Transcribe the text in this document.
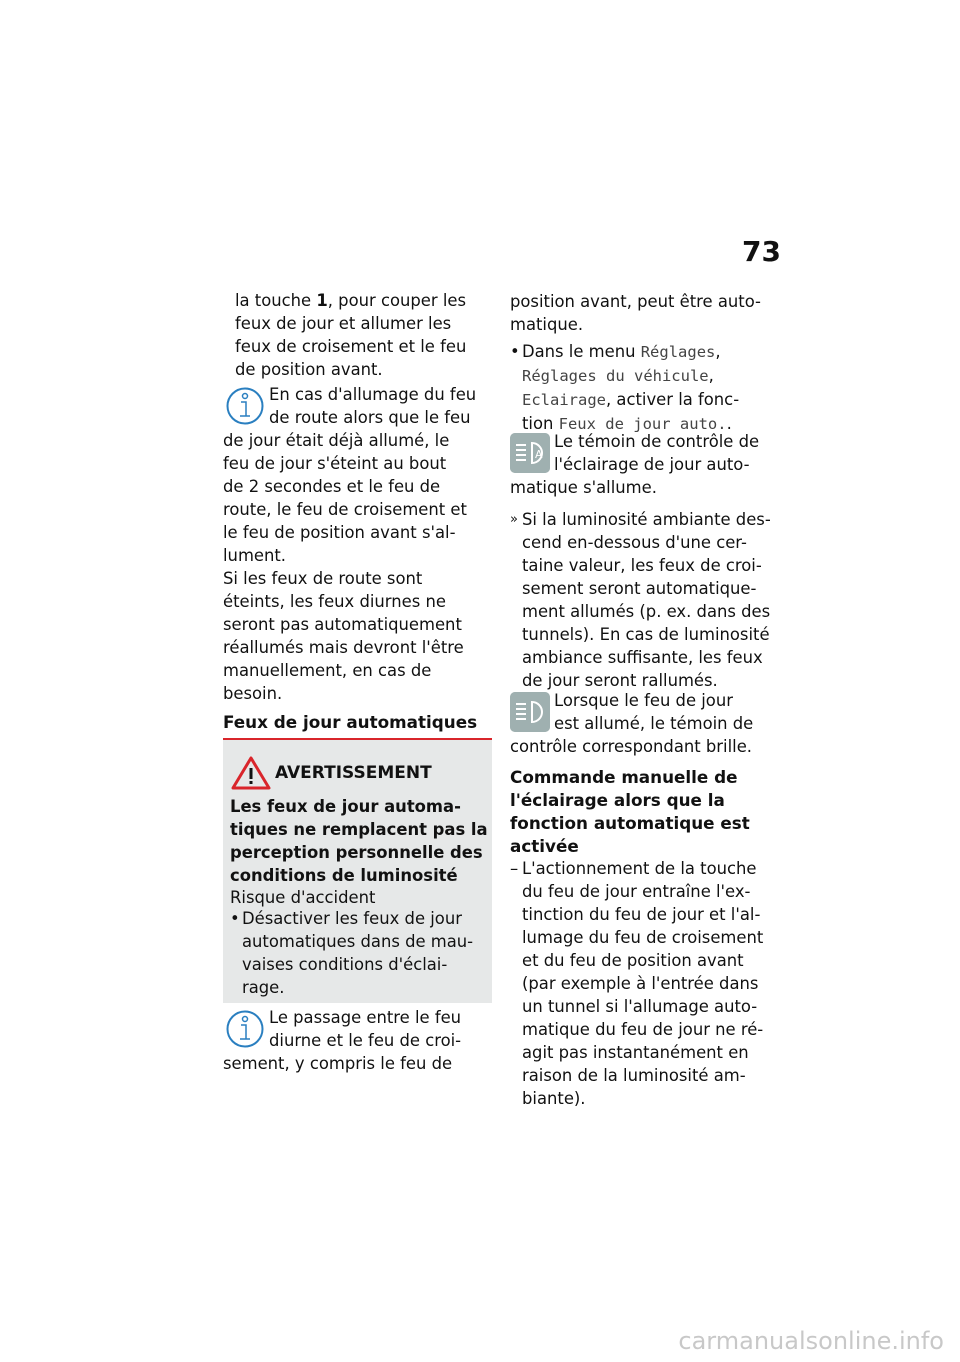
73
la touche 1, pour couper les
feux de jour et allumer les
feux de croisement et le feu
de position avant.
En cas d'allumage du feu
de route alors que le feu
de jour était déjà allumé, le
feu de jour s'éteint au bout
de 2 secondes et le feu de
route, le feu de croisement et
le feu de position avant s'al-
lument.
Si les feux de route sont
éteints, les feux diurnes ne
seront pas automatiquement
réallumés mais devront l'être
manuellement, en cas de
besoin.
Feux de jour automatiques
AVERTISSEMENT
Les feux de jour automa-
tiques ne remplacent pas la
perception personnelle des
conditions de luminosité
Risque d'accident
• Désactiver les feux de jour
automatiques dans de mau-
vaises conditions d'éclai-
rage.
Le passage entre le feu
diurne et le feu de croi-
sement, y compris le feu de
position avant, peut être auto-
matique.
• Dans le menu Réglages,
Réglages du véhicule,
Eclairage, activer la fonc-
tion Feux de jour auto..
A
Le témoin de contrôle de
l'éclairage de jour auto-
matique s'allume.
» Si la luminosité ambiante des-
cend en-dessous d'une cer-
taine valeur, les feux de croi-
sement seront automatique-
ment allumés (p. ex. dans des
tunnels). En cas de luminosité
ambiance suffisante, les feux
de jour seront rallumés.
Lorsque le feu de jour
est allumé, le témoin de
contrôle correspondant brille.
Commande manuelle de
l'éclairage alors que la
fonction automatique est
activée
– L'actionnement de la touche
du feu de jour entraîne l'ex-
tinction du feu de jour et l'al-
lumage du feu de croisement
et du feu de position avant
(par exemple à l'entrée dans
un tunnel si l'allumage auto-
matique du feu de jour ne ré-
agit pas instantanément en
raison de la luminosité am-
biante).
carmanualsonline.info
